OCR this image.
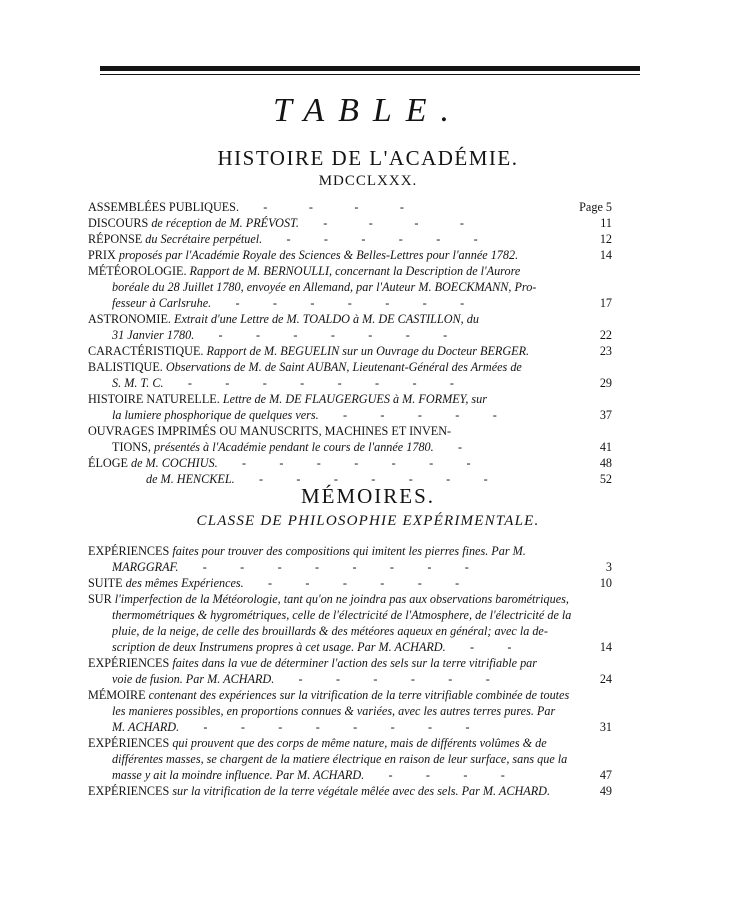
TABLE.
HISTOIRE DE L'ACADÉMIE.
MDCCLXXX.
ASSEMBLÉES PUBLIQUES.      -          -          -          -	Page 5
DISCOURS de réception de M. PRÉVOST.      -          -          -          -	11
RÉPONSE du Secrétaire perpétuel.      -        -        -        -        -        -	12
PRIX proposés par l'Académie Royale des Sciences & Belles-Lettres pour l'année 1782.	14
MÉTÉOROLOGIE. Rapport de M. BERNOULLI, concernant la Description de l'Aurore
boréale du 28 Juillet 1780, envoyée en Allemand, par l'Auteur M. BOECKMANN, Pro-
fesseur à Carlsruhe.      -        -        -        -        -        -        -	17
ASTRONOMIE. Extrait d'une Lettre de M. TOALDO à M. DE CASTILLON, du
31 Janvier 1780.      -        -        -        -        -        -        -	22
CARACTÉRISTIQUE. Rapport de M. BEGUELIN sur un Ouvrage du Docteur BERGER.	23
BALISTIQUE. Observations de M. de Saint AUBAN, Lieutenant-Général des Armées de
S. M. T. C.      -        -        -        -        -        -        -        -	29
HISTOIRE NATURELLE. Lettre de M. DE FLAUGERGUES à M. FORMEY, sur
la lumiere phosphorique de quelques vers.      -        -        -        -        -	37
OUVRAGES IMPRIMÉS OU MANUSCRITS, MACHINES ET INVEN-
TIONS, présentés à l'Académie pendant le cours de l'année 1780.      -	41
ÉLOGE de M. COCHIUS.      -        -        -        -        -        -        -	48
de M. HENCKEL.      -        -        -        -        -        -        -	52
MÉMOIRES.
CLASSE DE PHILOSOPHIE EXPÉRIMENTALE.
EXPÉRIENCES faites pour trouver des compositions qui imitent les pierres fines. Par M.
MARGGRAF.      -        -        -        -        -        -        -        -	3
SUITE des mêmes Expériences.      -        -        -        -        -        -	10
SUR l'imperfection de la Météorologie, tant qu'on ne joindra pas aux observations barométriques,
thermométriques & hygrométriques, celle de l'électricité de l'Atmosphere, de l'électricité de la
pluie, de la neige, de celle des brouillards & des météores aqueux en général; avec la de-
scription de deux Instrumens propres à cet usage. Par M. ACHARD.      -        -	14
EXPÉRIENCES faites dans la vue de déterminer l'action des sels sur la terre vitrifiable par
voie de fusion. Par M. ACHARD.      -        -        -        -        -        -	24
MÉMOIRE contenant des expériences sur la vitrification de la terre vitrifiable combinée de toutes
les manieres possibles, en proportions connues & variées, avec les autres terres pures. Par
M. ACHARD.      -        -        -        -        -        -        -        -	31
EXPÉRIENCES qui prouvent que des corps de même nature, mais de différents volûmes & de
différentes masses, se chargent de la matiere électrique en raison de leur surface, sans que la
masse y ait la moindre influence. Par M. ACHARD.      -        -        -        -	47
EXPÉRIENCES sur la vitrification de la terre végétale mêlée avec des sels. Par M. ACHARD.	49
